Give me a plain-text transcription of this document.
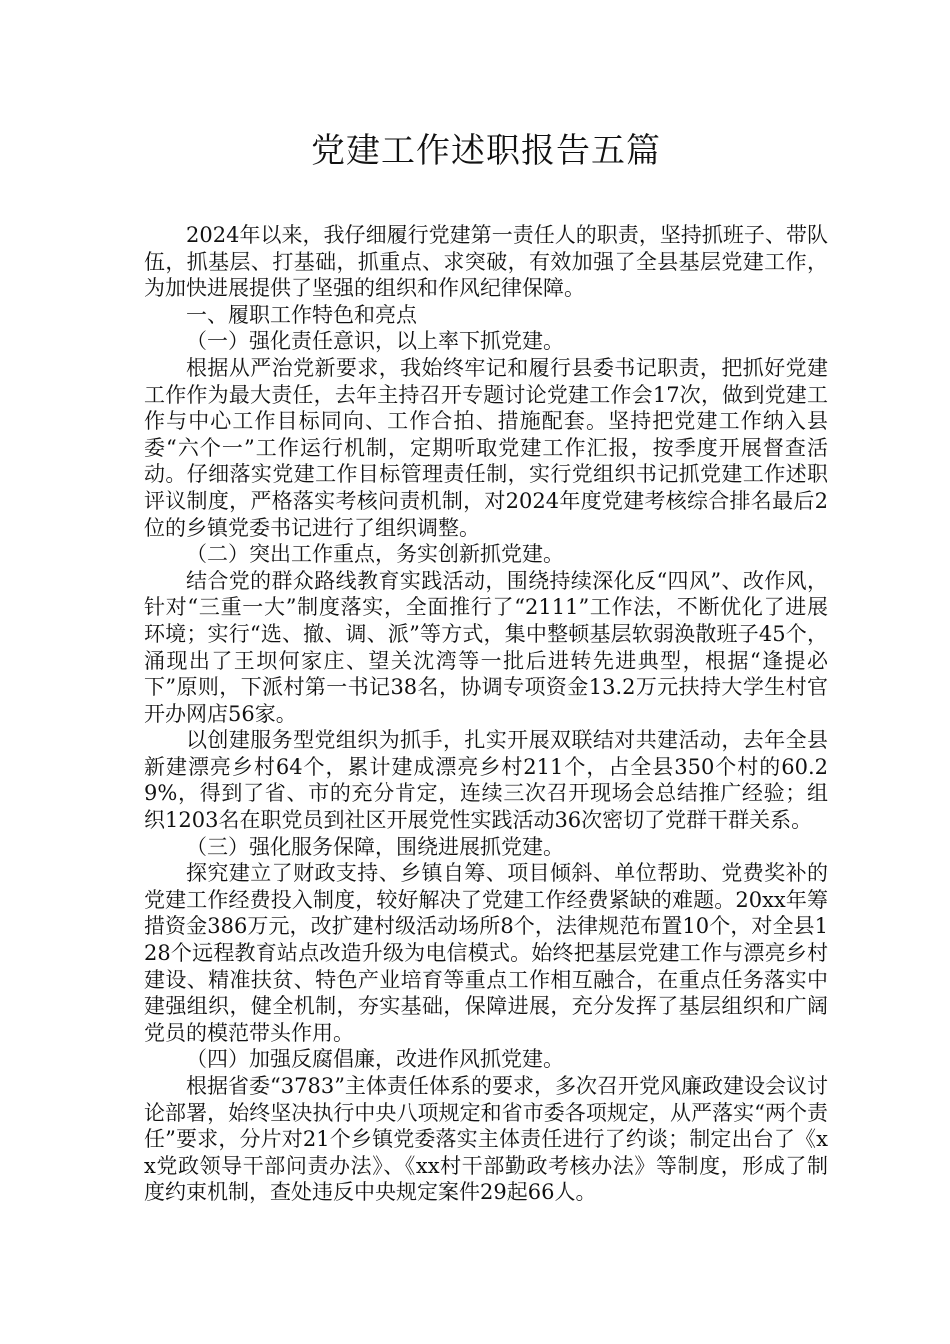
党建工作述职报告五篇

2024年以来，我仔细履行党建第一责任人的职责，坚持抓班子、带队伍，抓基层、打基础，抓重点、求突破，有效加强了全县基层党建工作，为加快进展提供了坚强的组织和作风纪律保障。

一、履职工作特色和亮点

（一）强化责任意识，以上率下抓党建。

根据从严治党新要求，我始终牢记和履行县委书记职责，把抓好党建工作作为最大责任，去年主持召开专题讨论党建工作会17次，做到党建工作与中心工作目标同向、工作合拍、措施配套。坚持把党建工作纳入县委“六个一”工作运行机制，定期听取党建工作汇报，按季度开展督查活动。仔细落实党建工作目标管理责任制，实行党组织书记抓党建工作述职评议制度，严格落实考核问责机制，对2024年度党建考核综合排名最后2位的乡镇党委书记进行了组织调整。

（二）突出工作重点，务实创新抓党建。

结合党的群众路线教育实践活动，围绕持续深化反“四风”、改作风，针对“三重一大”制度落实，全面推行了“2111”工作法，不断优化了进展环境；实行“选、撤、调、派”等方式，集中整顿基层软弱涣散班子45个，涌现出了王坝何家庄、望关沈湾等一批后进转先进典型，根据“逢提必下”原则，下派村第一书记38名，协调专项资金13.2万元扶持大学生村官开办网店56家。

以创建服务型党组织为抓手，扎实开展双联结对共建活动，去年全县新建漂亮乡村64个，累计建成漂亮乡村211个，占全县350个村的60.29%，得到了省、市的充分肯定，连续三次召开现场会总结推广经验；组织1203名在职党员到社区开展党性实践活动36次密切了党群干群关系。

（三）强化服务保障，围绕进展抓党建。

探究建立了财政支持、乡镇自筹、项目倾斜、单位帮助、党费奖补的党建工作经费投入制度，较好解决了党建工作经费紧缺的难题。20xx年筹措资金386万元，改扩建村级活动场所8个，法律规范布置10个，对全县128个远程教育站点改造升级为电信模式。始终把基层党建工作与漂亮乡村建设、精准扶贫、特色产业培育等重点工作相互融合，在重点任务落实中建强组织，健全机制，夯实基础，保障进展，充分发挥了基层组织和广阔党员的模范带头作用。

（四）加强反腐倡廉，改进作风抓党建。

根据省委“3783”主体责任体系的要求，多次召开党风廉政建设会议讨论部署，始终坚决执行中央八项规定和省市委各项规定，从严落实“两个责任”要求，分片对21个乡镇党委落实主体责任进行了约谈；制定出台了《xx党政领导干部问责办法》、《xx村干部勤政考核办法》等制度，形成了制度约束机制，查处违反中央规定案件29起66人。
